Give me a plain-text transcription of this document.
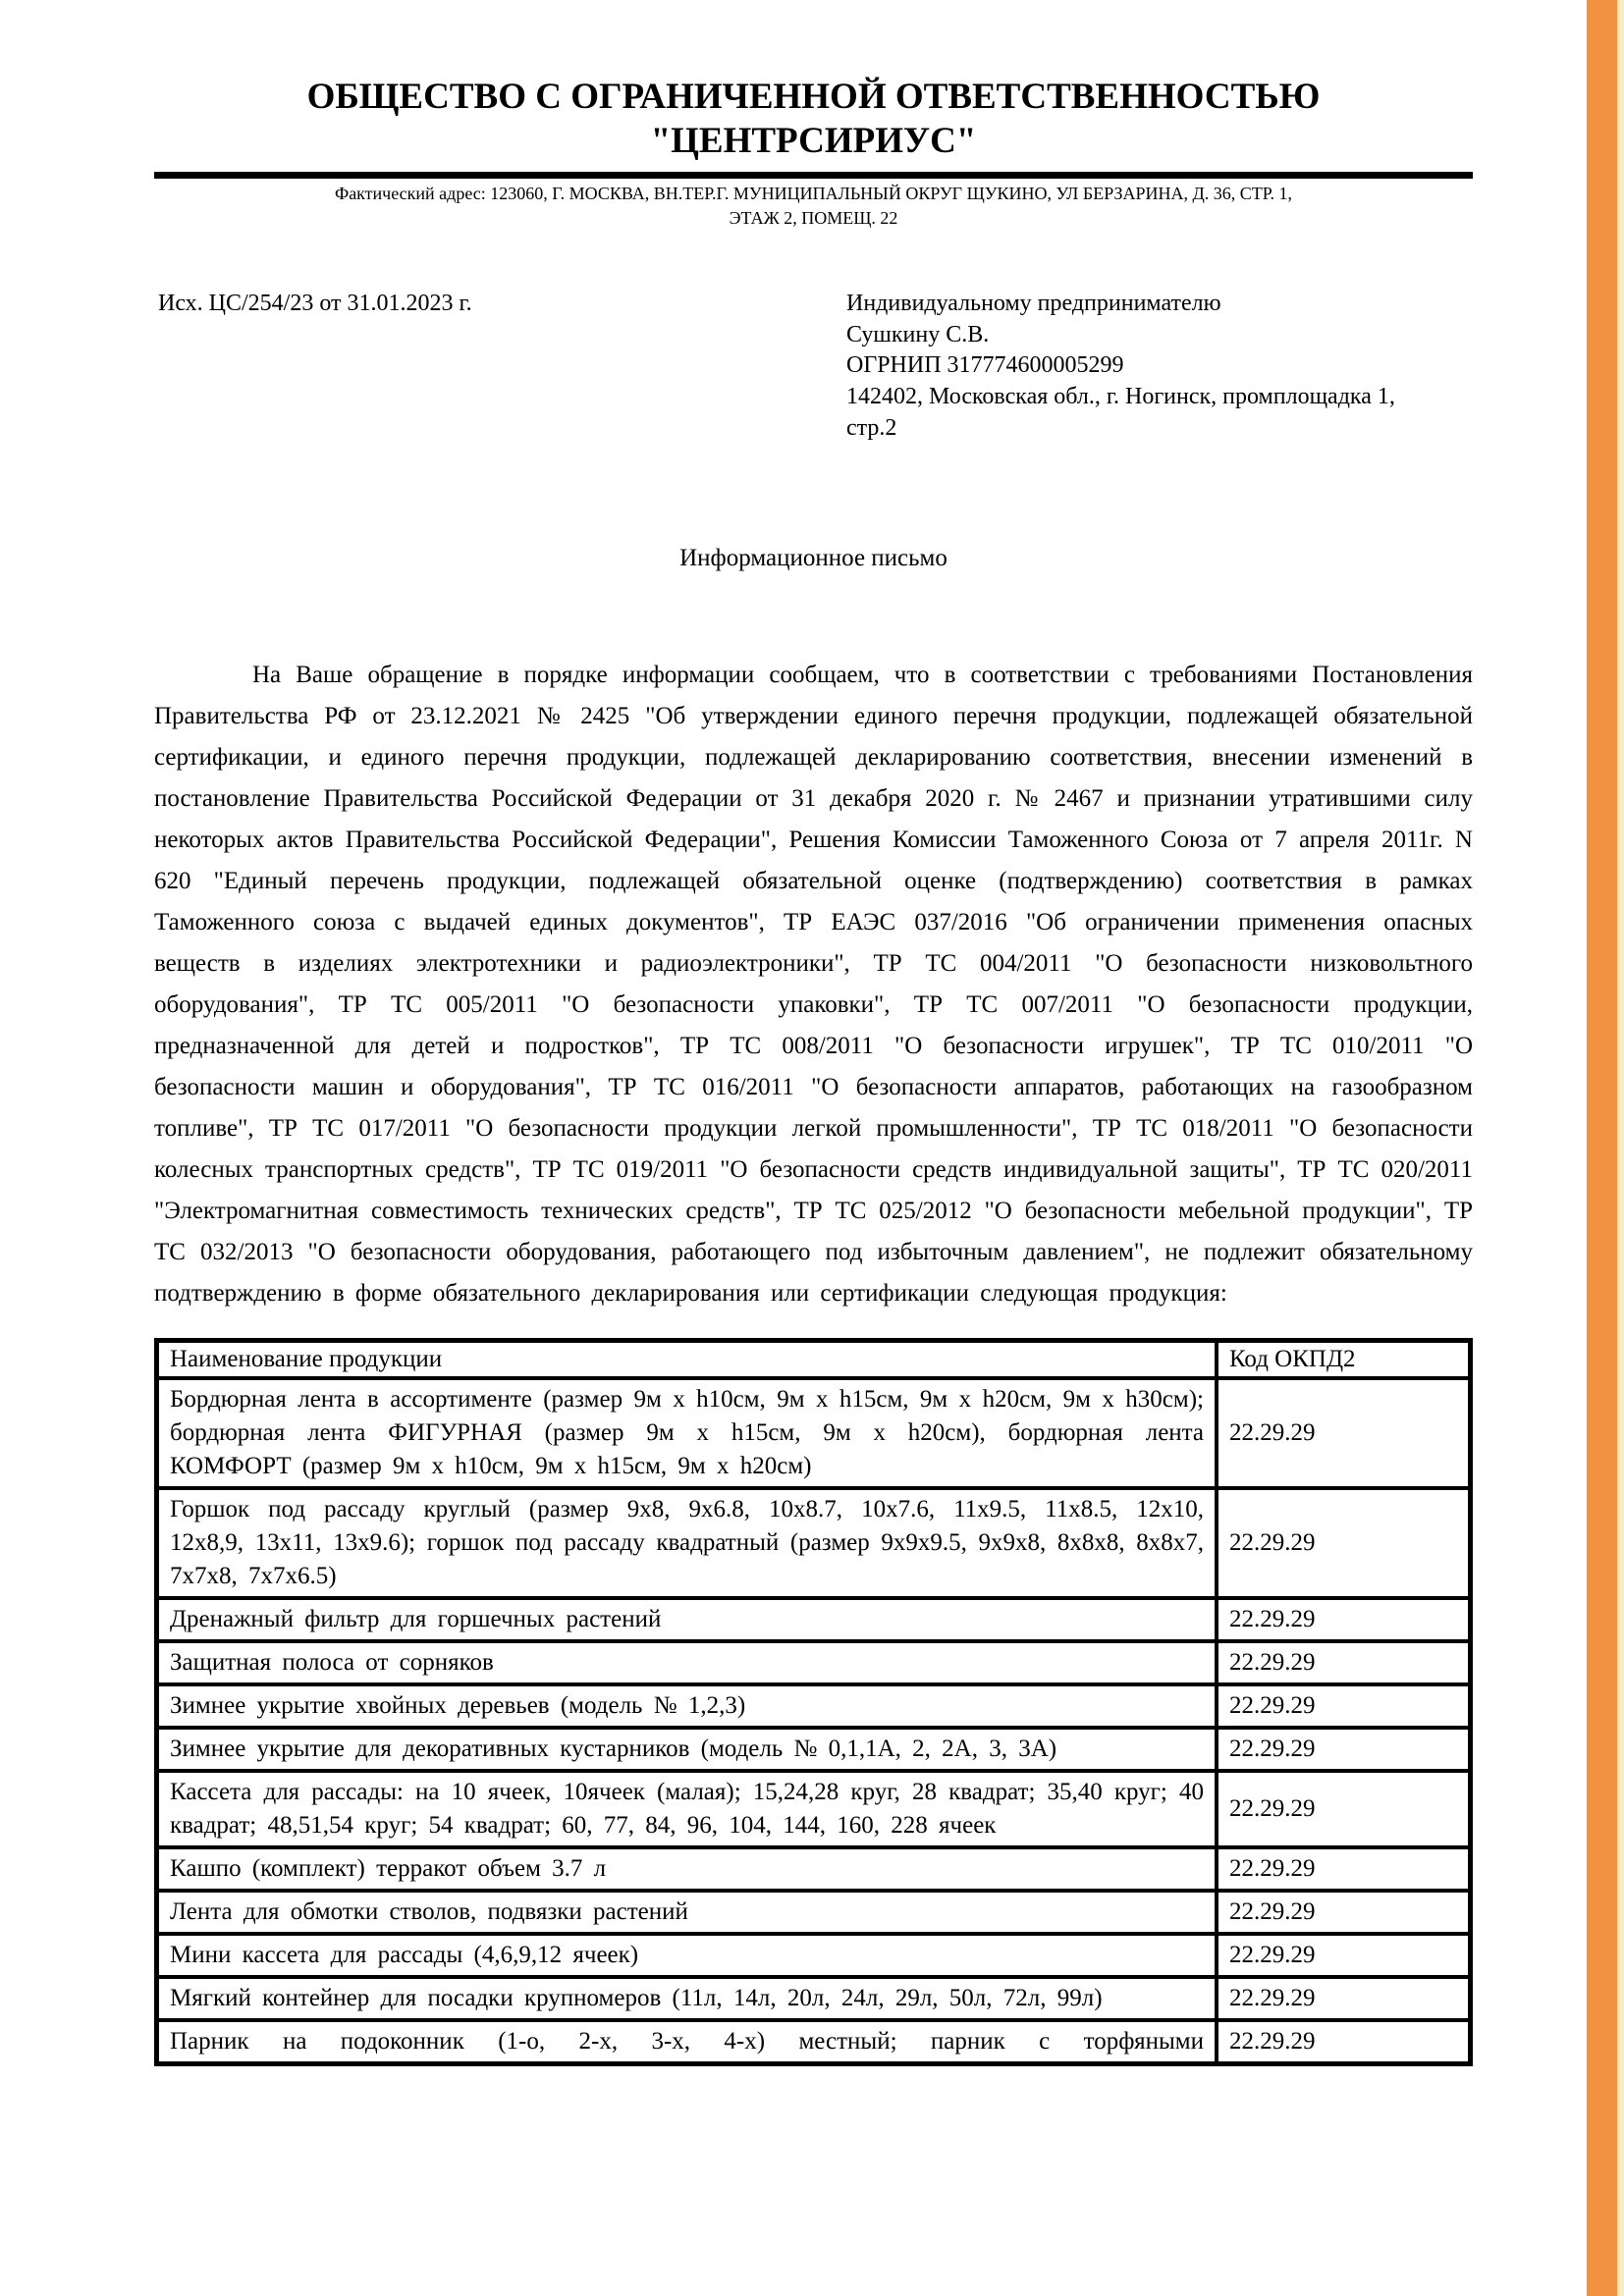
ОБЩЕСТВО С ОГРАНИЧЕННОЙ ОТВЕТСТВЕННОСТЬЮ
"ЦЕНТРСИРИУС"
Фактический адрес: 123060, Г. МОСКВА, ВН.ТЕР.Г. МУНИЦИПАЛЬНЫЙ ОКРУГ ЩУКИНО, УЛ БЕРЗАРИНА, Д. 36, СТР. 1,
ЭТАЖ 2, ПОМЕЩ. 22
Исх. ЦС/254/23 от 31.01.2023 г.	Индивидуальному предпринимателю
Сушкину С.В.
ОГРНИП 317774600005299
142402, Московская обл., г. Ногинск, промплощадка 1,
стр.2
Информационное письмо
На Ваше обращение в порядке информации сообщаем, что в соответствии с требованиями Постановления Правительства РФ от 23.12.2021 № 2425 "Об утверждении единого перечня продукции, подлежащей обязательной сертификации, и единого перечня продукции, подлежащей декларированию соответствия, внесении изменений в постановление Правительства Российской Федерации от 31 декабря 2020 г. № 2467 и признании утратившими силу некоторых актов Правительства Российской Федерации", Решения Комиссии Таможенного Союза от 7 апреля 2011г. N 620 "Единый перечень продукции, подлежащей обязательной оценке (подтверждению) соответствия в рамках Таможенного союза с выдачей единых документов", ТР ЕАЭС 037/2016 "Об ограничении применения опасных веществ в изделиях электротехники и радиоэлектроники", ТР ТС 004/2011 "О безопасности низковольтного оборудования", ТР ТС 005/2011 "О безопасности упаковки", ТР ТС 007/2011 "О безопасности продукции, предназначенной для детей и подростков", ТР ТС 008/2011 "О безопасности игрушек", ТР ТС 010/2011 "О безопасности машин и оборудования", ТР ТС 016/2011 "О безопасности аппаратов, работающих на газообразном топливе", ТР ТС 017/2011 "О безопасности продукции легкой промышленности", ТР ТС 018/2011 "О безопасности колесных транспортных средств", ТР ТС 019/2011 "О безопасности средств индивидуальной защиты", ТР ТС 020/2011 "Электромагнитная совместимость технических средств", ТР ТС 025/2012 "О безопасности мебельной продукции", ТР ТС 032/2013 "О безопасности оборудования, работающего под избыточным давлением", не подлежит обязательному подтверждению в форме обязательного декларирования или сертификации следующая продукция:
Наименование продукции	Код ОКПД2
Бордюрная лента в ассортименте (размер 9м х h10см, 9м х h15см, 9м х h20см, 9м х h30см); бордюрная лента ФИГУРНАЯ (размер 9м х h15см, 9м х h20см), бордюрная лента КОМФОРТ (размер 9м х h10см, 9м х h15см, 9м х h20см)	22.29.29
Горшок под рассаду круглый (размер 9х8, 9х6.8, 10х8.7, 10х7.6, 11х9.5, 11х8.5, 12х10, 12х8,9, 13х11, 13х9.6); горшок под рассаду квадратный (размер 9х9х9.5, 9х9х8, 8х8х8, 8х8х7, 7х7х8, 7х7х6.5)	22.29.29
Дренажный фильтр для горшечных растений	22.29.29
Защитная полоса от сорняков	22.29.29
Зимнее укрытие хвойных деревьев (модель № 1,2,3)	22.29.29
Зимнее укрытие для декоративных кустарников (модель № 0,1,1А, 2, 2А, 3, 3А)	22.29.29
Кассета для рассады: на 10 ячеек, 10ячеек (малая); 15,24,28 круг, 28 квадрат; 35,40 круг; 40 квадрат; 48,51,54 круг; 54 квадрат; 60, 77, 84, 96, 104, 144, 160, 228 ячеек	22.29.29
Кашпо (комплект) терракот объем 3.7 л	22.29.29
Лента для обмотки стволов, подвязки растений	22.29.29
Мини кассета для рассады (4,6,9,12 ячеек)	22.29.29
Мягкий контейнер для посадки крупномеров (11л, 14л, 20л, 24л, 29л, 50л, 72л, 99л)	22.29.29
Парник на подоконник (1-о, 2-х, 3-х, 4-х) местный; парник с торфяными	22.29.29
